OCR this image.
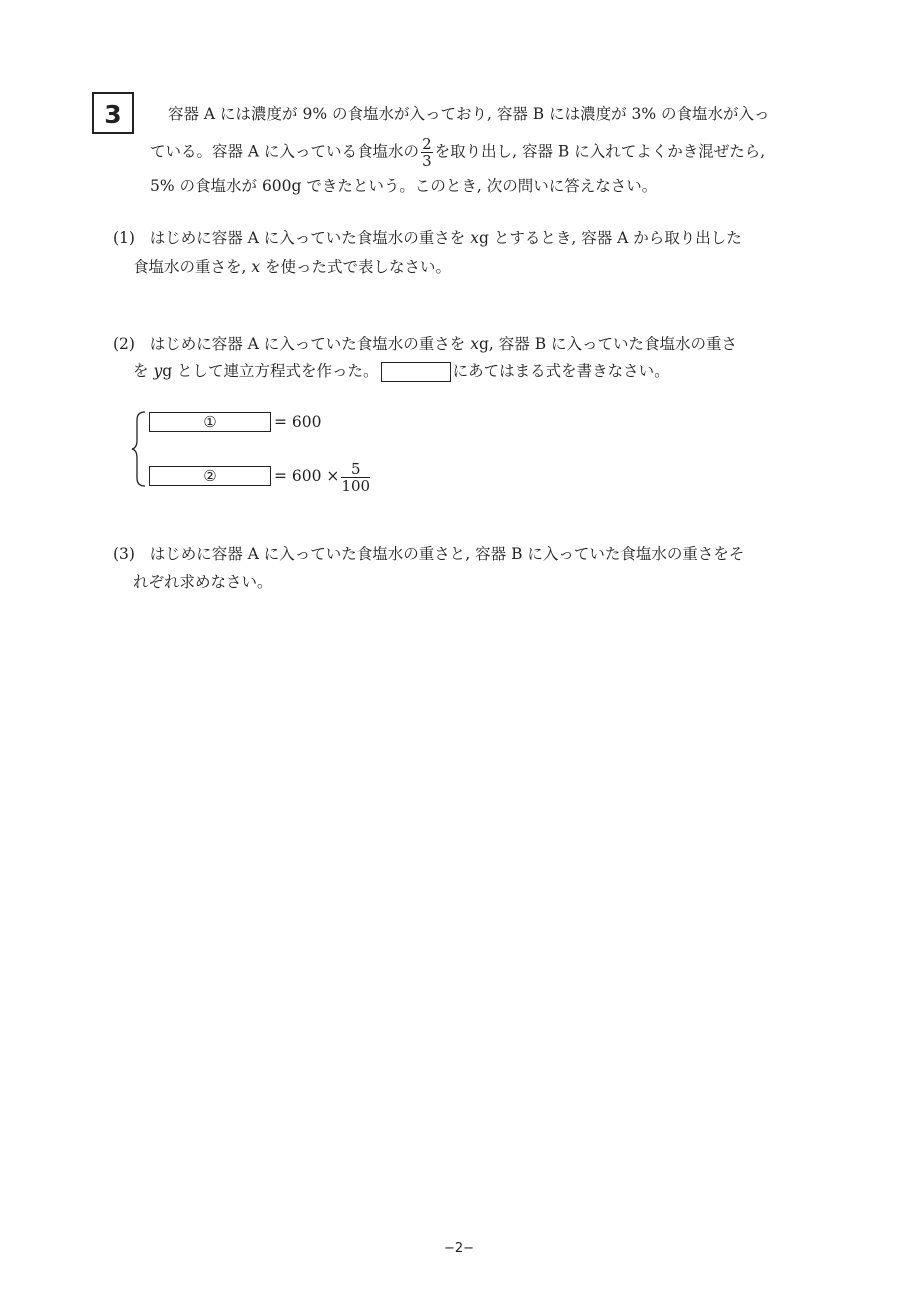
3	容器 A には濃度が 9% の食塩水が入っており, 容器 B には濃度が 3% の食塩水が入っ
ている。容器 A に入っている食塩水の $\frac{2}{3}$ を取り出し, 容器 B に入れてよくかき混ぜたら,
5% の食塩水が 600g できたという。このとき, 次の問いに答えなさい。
(1) はじめに容器 A に入っていた食塩水の重さを xg とするとき, 容器 A から取り出した
食塩水の重さを, x を使った式で表しなさい。
(2) はじめに容器 A に入っていた食塩水の重さを xg, 容器 B に入っていた食塩水の重さ
を yg として連立方程式を作った。	にあてはまる式を書きなさい。
①	= 600
②	= $600 \times \frac{5}{100}$
(3) はじめに容器 A に入っていた食塩水の重さと, 容器 B に入っていた食塩水の重さをそ
れぞれ求めなさい。
−2−
